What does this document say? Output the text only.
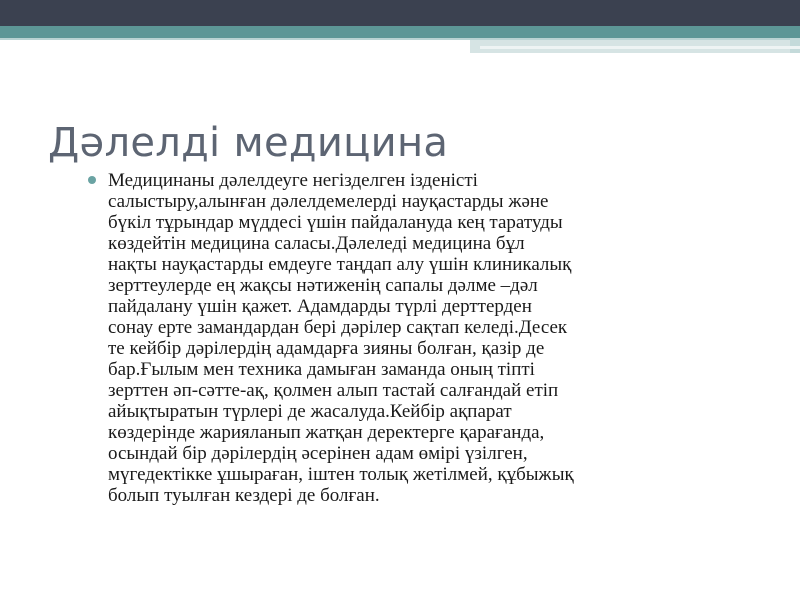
Дәлелді медицина
Медицинаны дәлелдеуге негізделген ізденісті
салыстыру,алынған дәлелдемелерді науқастарды және
бүкіл тұрындар мүддесі үшін пайдалануда кең таратуды
көздейтін медицина саласы.Дәлеледі медицина бұл
нақты науқастарды емдеуге таңдап алу үшін клиникалық
зерттеулерде ең жақсы нәтиженің сапалы дәлме –дәл
пайдалану үшін қажет. Адамдарды түрлі дерттерден
сонау ерте замандардан бері дәрілер сақтап келеді.Десек
те кейбір дәрілердің адамдарға зияны болған, қазір де
бар.Ғылым мен техника дамыған заманда оның тіпті
зерттен әп-сәтте-ақ, қолмен алып тастай салғандай етіп
айықтыратын түрлері де жасалуда.Кейбір ақпарат
көздерінде жарияланып жатқан деректерге қарағанда,
осындай бір дәрілердің әсерінен адам өмірі үзілген,
мүгедектікке ұшыраған, іштен толық жетілмей, құбыжық
болып туылған кездері де болған.
